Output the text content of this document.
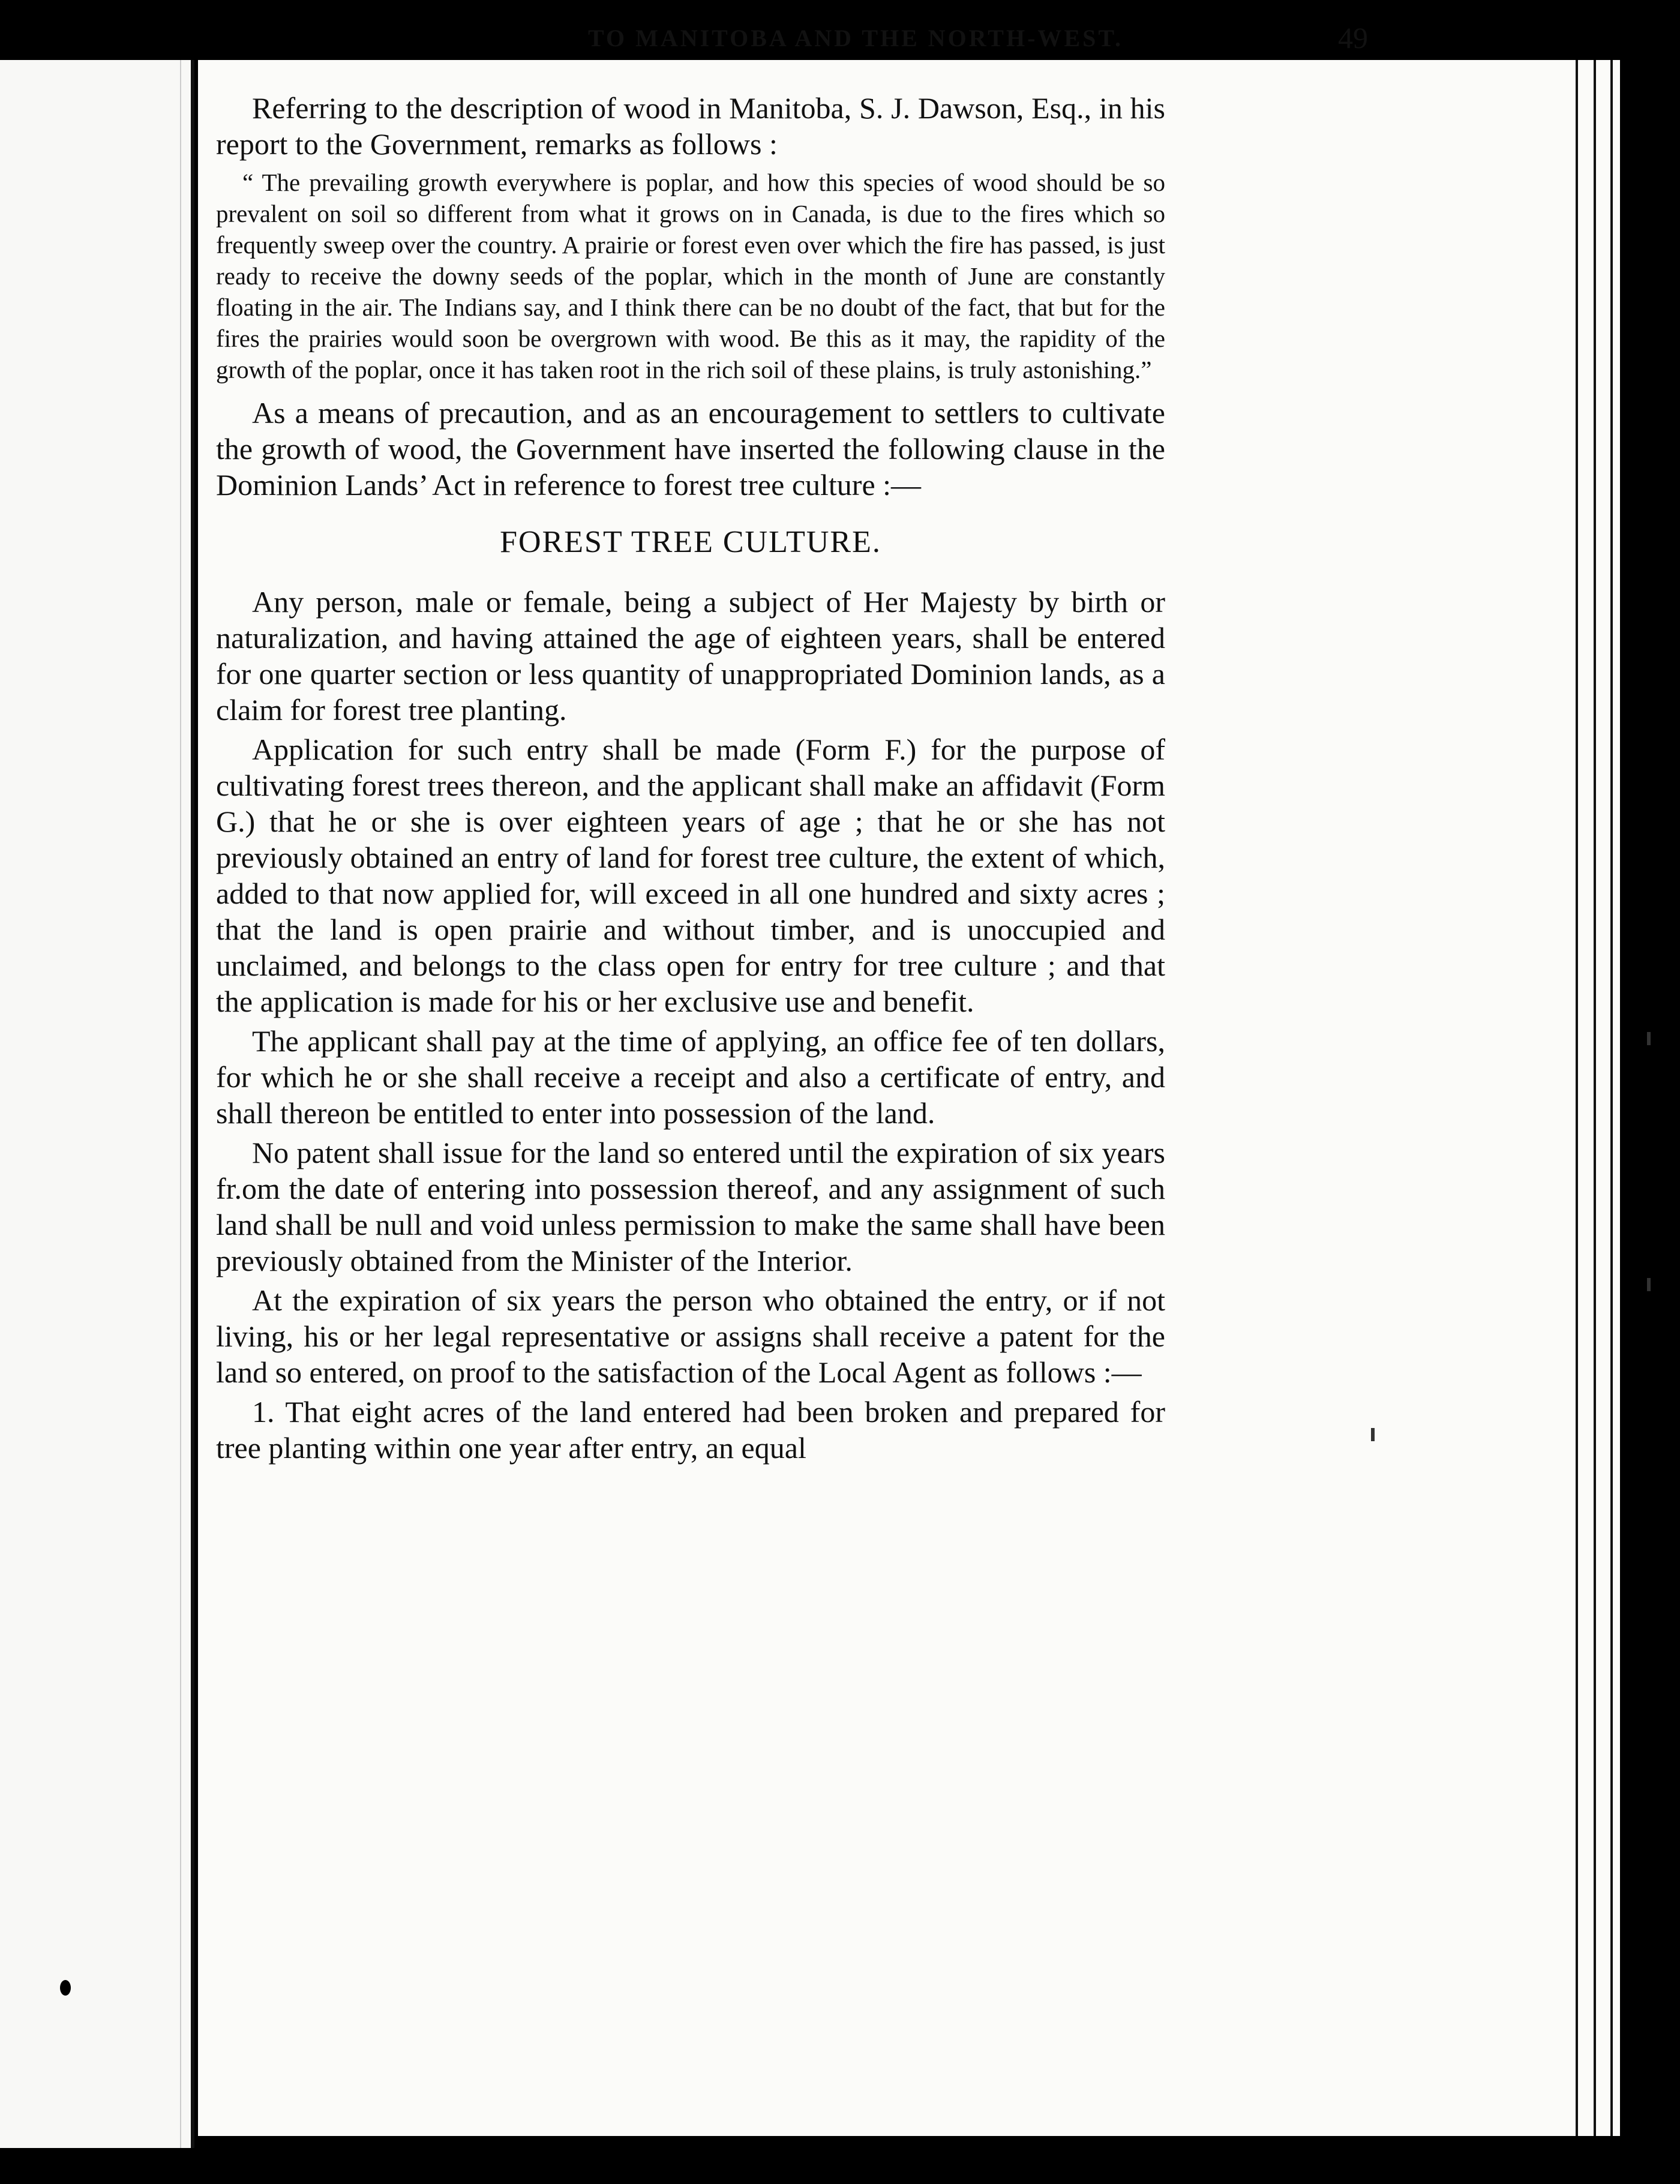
TO MANITOBA AND THE NORTH-WEST.	49

Referring to the description of wood in Manitoba, S. J. Dawson, Esq., in his report to the Government, remarks as follows :

“ The prevailing growth everywhere is poplar, and how this species of wood should be so prevalent on soil so different from what it grows on in Canada, is due to the fires which so frequently sweep over the country. A prairie or forest even over which the fire has passed, is just ready to receive the downy seeds of the poplar, which in the month of June are constantly floating in the air. The Indians say, and I think there can be no doubt of the fact, that but for the fires the prairies would soon be overgrown with wood. Be this as it may, the rapidity of the growth of the poplar, once it has taken root in the rich soil of these plains, is truly astonishing.”

As a means of precaution, and as an encouragement to settlers to cultivate the growth of wood, the Government have inserted the following clause in the Dominion Lands’ Act in reference to forest tree culture :—

FOREST TREE CULTURE.

Any person, male or female, being a subject of Her Majesty by birth or naturalization, and having attained the age of eighteen years, shall be entered for one quarter section or less quantity of unappropriated Dominion lands, as a claim for forest tree planting.

Application for such entry shall be made (Form F.) for the purpose of cultivating forest trees thereon, and the applicant shall make an affidavit (Form G.) that he or she is over eighteen years of age ; that he or she has not previously obtained an entry of land for forest tree culture, the extent of which, added to that now applied for, will exceed in all one hundred and sixty acres ; that the land is open prairie and without timber, and is unoccupied and unclaimed, and belongs to the class open for entry for tree culture ; and that the application is made for his or her exclusive use and benefit.

The applicant shall pay at the time of applying, an office fee of ten dollars, for which he or she shall receive a receipt and also a certificate of entry, and shall thereon be entitled to enter into possession of the land.

No patent shall issue for the land so entered until the expiration of six years fr.om the date of entering into possession thereof, and any assignment of such land shall be null and void unless permission to make the same shall have been previously obtained from the Minister of the Interior.

At the expiration of six years the person who obtained the entry, or if not living, his or her legal representative or assigns shall receive a patent for the land so entered, on proof to the satisfaction of the Local Agent as follows :—

1. That eight acres of the land entered had been broken and prepared for tree planting within one year after entry, an equal
